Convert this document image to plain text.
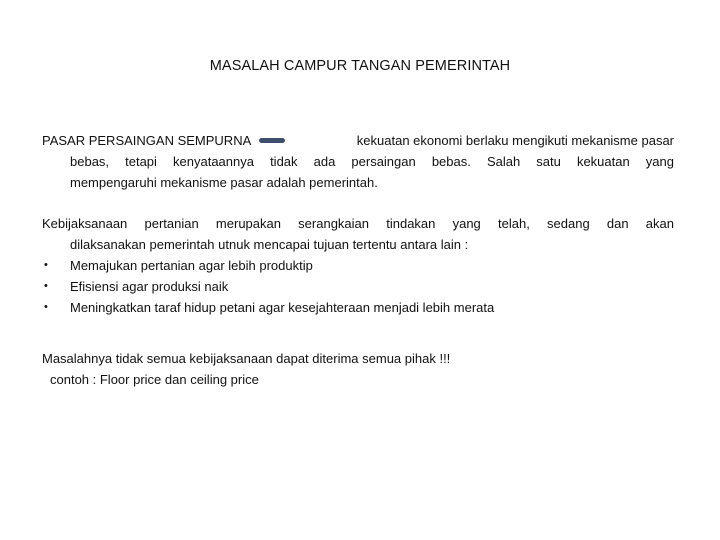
MASALAH CAMPUR TANGAN PEMERINTAH
PASAR PERSAINGAN SEMPURNA	kekuatan ekonomi berlaku mengikuti mekanisme pasar
bebas, tetapi kenyataannya tidak ada persaingan bebas. Salah satu kekuatan yang
mempengaruhi mekanisme pasar adalah pemerintah.
Kebijaksanaan pertanian merupakan serangkaian tindakan yang telah, sedang dan akan
dilaksanakan pemerintah utnuk mencapai tujuan tertentu antara lain :
• Memajukan pertanian agar lebih produktip
• Efisiensi agar produksi naik
• Meningkatkan taraf hidup petani agar kesejahteraan menjadi lebih merata
Masalahnya tidak semua kebijaksanaan dapat diterima semua pihak !!!
contoh : Floor price dan ceiling price
